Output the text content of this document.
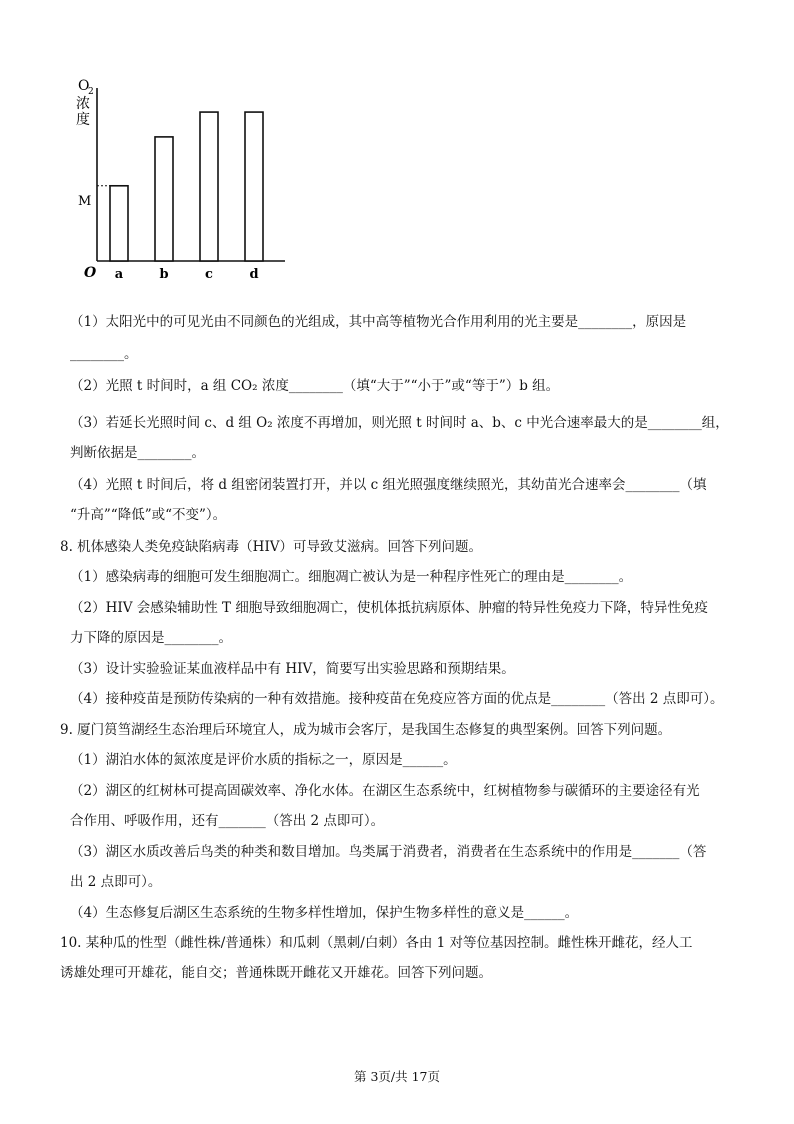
O
2
浓
度
M
O a	b	c	d
（1）太阳光中的可见光由不同颜色的光组成，其中高等植物光合作用利用的光主要是________，原因是
________。
（2）光照 t 时间时，a 组 CO₂ 浓度________（填“大于”“小于”或“等于”）b 组。
（3）若延长光照时间 c、d 组 O₂ 浓度不再增加，则光照 t 时间时 a、b、c 中光合速率最大的是________组，
判断依据是________。
（4）光照 t 时间后，将 d 组密闭装置打开，并以 c 组光照强度继续照光，其幼苗光合速率会________（填
“升高”“降低”或“不变”）。
8. 机体感染人类免疫缺陷病毒（HIV）可导致艾滋病。回答下列问题。
（1）感染病毒的细胞可发生细胞凋亡。细胞凋亡被认为是一种程序性死亡的理由是________。
（2）HIV 会感染辅助性 T 细胞导致细胞凋亡，使机体抵抗病原体、肿瘤的特异性免疫力下降，特异性免疫
力下降的原因是________。
（3）设计实验验证某血液样品中有 HIV，简要写出实验思路和预期结果。
（4）接种疫苗是预防传染病的一种有效措施。接种疫苗在免疫应答方面的优点是________（答出 2 点即可）。
9. 厦门筼筜湖经生态治理后环境宜人，成为城市会客厅，是我国生态修复的典型案例。回答下列问题。
（1）湖泊水体的氮浓度是评价水质的指标之一，原因是______。
（2）湖区的红树林可提高固碳效率、净化水体。在湖区生态系统中，红树植物参与碳循环的主要途径有光
合作用、呼吸作用，还有_______（答出 2 点即可）。
（3）湖区水质改善后鸟类的种类和数目增加。鸟类属于消费者，消费者在生态系统中的作用是_______（答
出 2 点即可）。
（4）生态修复后湖区生态系统的生物多样性增加，保护生物多样性的意义是______。
10. 某种瓜的性型（雌性株/普通株）和瓜刺（黑刺/白刺）各由 1 对等位基因控制。雌性株开雌花，经人工
诱雄处理可开雄花，能自交；普通株既开雌花又开雄花。回答下列问题。
第 3页/共 17页
